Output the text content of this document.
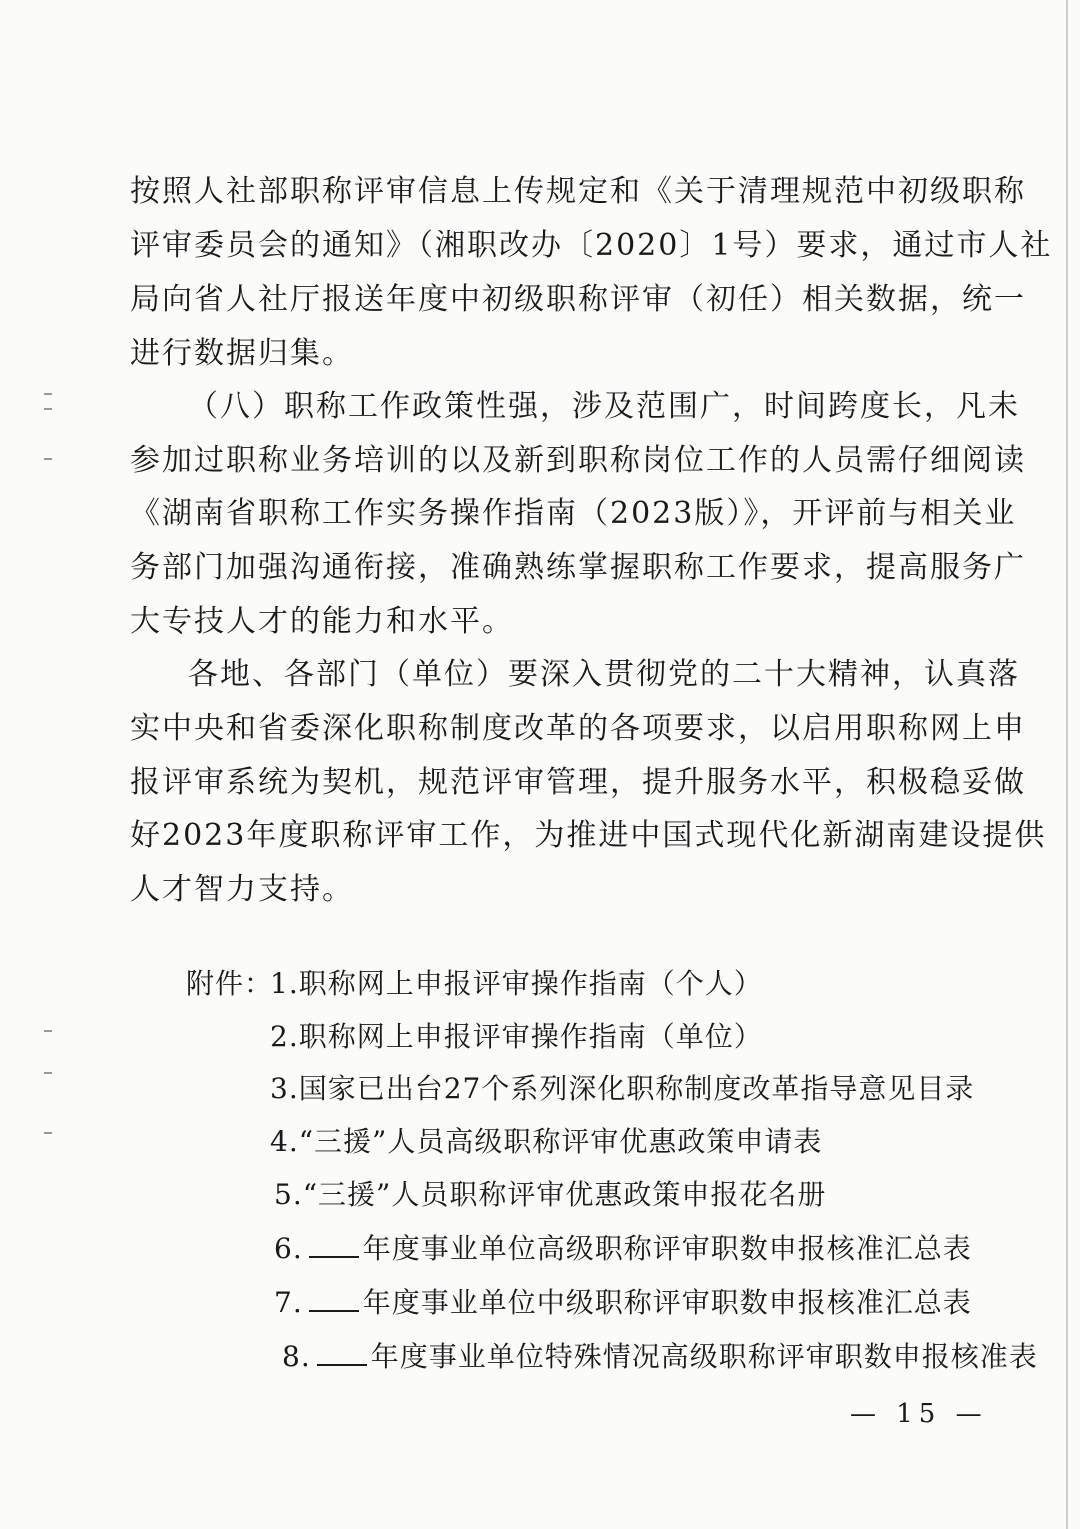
按照人社部职称评审信息上传规定和《关于清理规范中初级职称
评审委员会的通知》（湘职改办〔2020〕1号）要求，通过市人社
局向省人社厅报送年度中初级职称评审（初任）相关数据，统一
进行数据归集。
（八）职称工作政策性强，涉及范围广，时间跨度长，凡未
参加过职称业务培训的以及新到职称岗位工作的人员需仔细阅读
《湖南省职称工作实务操作指南（2023版）》，开评前与相关业
务部门加强沟通衔接，准确熟练掌握职称工作要求，提高服务广
大专技人才的能力和水平。
各地、各部门（单位）要深入贯彻党的二十大精神，认真落
实中央和省委深化职称制度改革的各项要求，以启用职称网上申
报评审系统为契机，规范评审管理，提升服务水平，积极稳妥做
好2023年度职称评审工作，为推进中国式现代化新湖南建设提供
人才智力支持。
附件：
1.职称网上申报评审操作指南（个人）
2.职称网上申报评审操作指南（单位）
3.国家已出台27个系列深化职称制度改革指导意见目录
4.“三援”人员高级职称评审优惠政策申请表
5.“三援”人员职称评审优惠政策申报花名册
6. 年度事业单位高级职称评审职数申报核准汇总表
7. 年度事业单位中级职称评审职数申报核准汇总表
8. 年度事业单位特殊情况高级职称评审职数申报核准表
— 15 —
